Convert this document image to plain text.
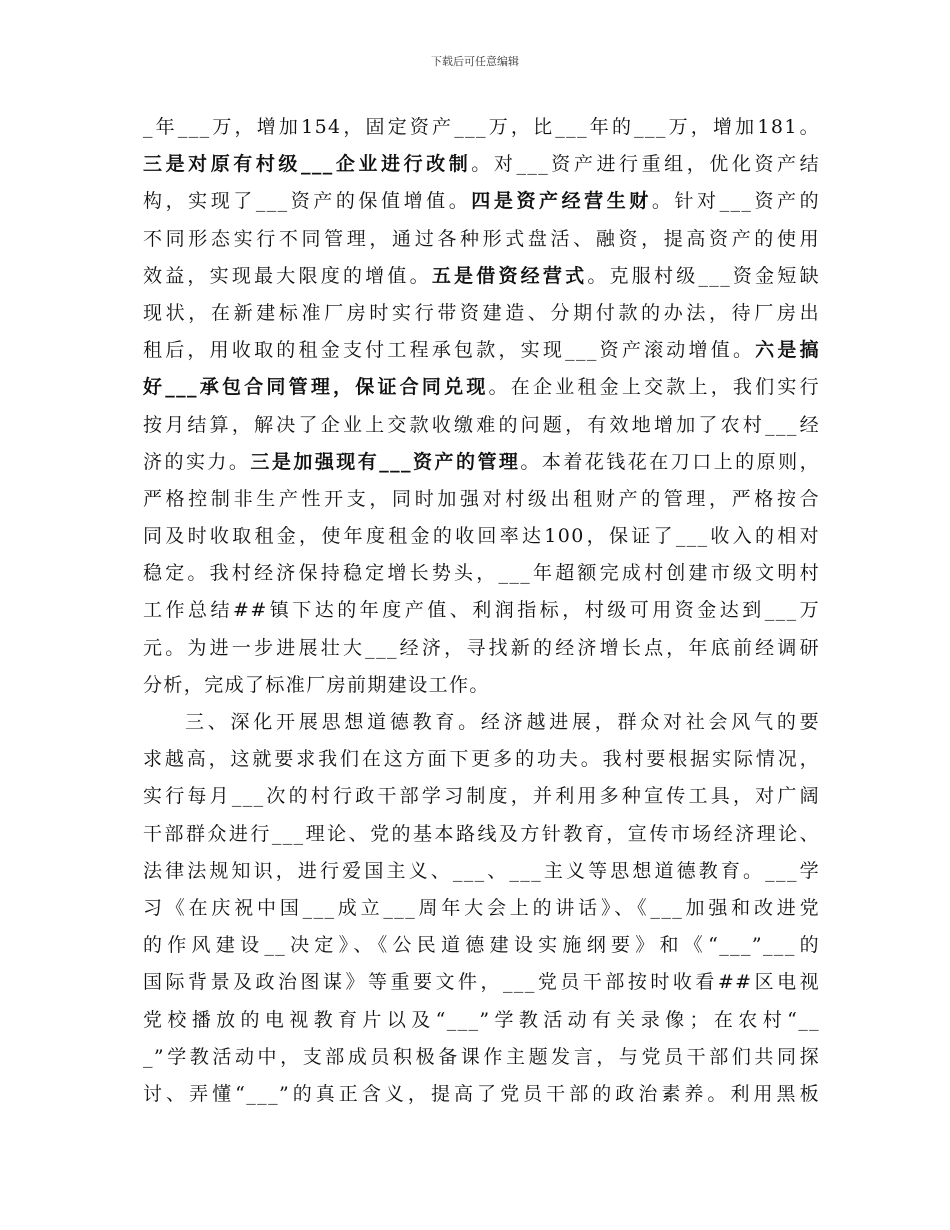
下载后可任意编辑
_年___万，增加154，固定资产___万，比___年的___万，增加181。
三是对原有村级___企业进行改制。对___资产进行重组，优化资产结
构，实现了___资产的保值增值。四是资产经营生财。针对___资产的
不同形态实行不同管理，通过各种形式盘活、融资，提高资产的使用
效益，实现最大限度的增值。五是借资经营式。克服村级___资金短缺
现状，在新建标准厂房时实行带资建造、分期付款的办法，待厂房出
租后，用收取的租金支付工程承包款，实现___资产滚动增值。六是搞
好___承包合同管理，保证合同兑现。在企业租金上交款上，我们实行
按月结算，解决了企业上交款收缴难的问题，有效地增加了农村___经
济的实力。三是加强现有___资产的管理。本着花钱花在刀口上的原则，
严格控制非生产性开支，同时加强对村级出租财产的管理，严格按合
同及时收取租金，使年度租金的收回率达100，保证了___收入的相对
稳定。我村经济保持稳定增长势头，___年超额完成村创建市级文明村
工作总结##镇下达的年度产值、利润指标，村级可用资金达到___万
元。为进一步进展壮大___经济，寻找新的经济增长点，年底前经调研
分析，完成了标准厂房前期建设工作。
三、深化开展思想道德教育。经济越进展，群众对社会风气的要
求越高，这就要求我们在这方面下更多的功夫。我村要根据实际情况，
实行每月___次的村行政干部学习制度，并利用多种宣传工具，对广阔
干部群众进行___理论、党的基本路线及方针教育，宣传市场经济理论、
法律法规知识，进行爱国主义、___、___主义等思想道德教育。___学
习《在庆祝中国___成立___周年大会上的讲话》、《___加强和改进党
的作风建设__决定》、《公民道德建设实施纲要》和《“___”___的
国际背景及政治图谋》等重要文件，___党员干部按时收看##区电视
党校播放的电视教育片以及“___”学教活动有关录像；在农村“__
_”学教活动中，支部成员积极备课作主题发言，与党员干部们共同探
讨、弄懂“___”的真正含义，提高了党员干部的政治素养。利用黑板
